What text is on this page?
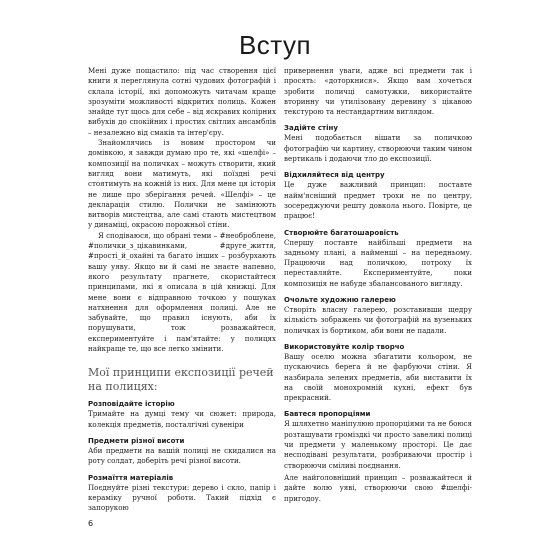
Вступ

Мені дуже пощастило: під час створення цієї книги я переглянула сотні чудових фотографій і склала історії, які допоможуть читачам краще зрозуміти можливості відкритих полиць. Кожен знайде тут щось для себе – від яскравих колірних вибухів до спокійних і простих світлих ансамблів – незалежно від смаків та інтер'єру.

Знайомлячись із новим простором чи домівкою, я завжди думаю про те, які «шелфі» – композиції на поличках – можуть створити, який вигляд вони матимуть, які поїздні речі стоятимуть на кожній із них. Для мене ця історія не лише про зберігання речей. «Шелфі» – це декларація стилю. Полички не замінюють витворів мистецтва, але самі стають мистецтвом у динаміці, окрасою порожньої стіни.

Я сподіваюся, що обрані теми – #необроблене, #полички_з_цікавинками, #друге_життя, #прості_й_охайні та багато інших – розбурхають вашу уяву. Якщо ви й самі не знаєте напевно, якого результату прагнете, скористайтеся принципами, які я описала в цій книжці. Для мене вони є відправною точкою у пошуках натхнення для оформлення полиці. Але не забувайте, що правил існують, аби їх порушувати, тож розважайтеся, експериментуйте і пам'ятайте: у полицях найкраще те, що все легко змінити.

Мої принципи експозиції речей на полицях:
Розповідайте історію

Тримайте на думці тему чи сюжет: природа, колекція предметів, посталгічні сувеніри

Предмети різної висоти

Аби предмети на вашій полиці не скидалися на роту солдат, доберіть речі різної висоти.

Розмаїття матеріалів

Поєднуйте різні текстури: дерево і скло, папір і кераміку ручної роботи. Такий підхід є запорукою

привернення уваги, адже всі предмети так і просять: «доторкнися». Якщо вам хочеться зробити поличці самотужки, використайте вторинну чи утилізовану деревину з цікавою текстурою та нестандартним виглядом.

Задійте стіну

Мені подобається вішати за поличкою фотографію чи картину, створюючи таким чином вертикаль і додаючи тло до експозиції.

Відхиляйтеся від центру

Це дуже важливий принцип: поставте найм'ясніший предмет трохи не по центру, зосереджуючи решту довкола нього. Повірте, це працює!

Створюйте багатошаровість

Спершу поставте найбільші предмети на задньому плані, а найменші – на передньому. Працюючи над поличкою, потроху їх переставляйте. Експериментуйте, поки композиція не набуде збалансованого вигляду.

Очольте художню галерею

Створіть власну галерею, розставивши щедру кількість зображень чи фотографій на вузеньких поличках із бортиком, аби вони не падали.

Використовуйте колір творчо

Вашу оселю можна збагатити кольором, не пускаючись берега й не фарбуючи стіни. Я назбирала зелених предметів, аби виставити їх на своїй монохромній кухні, ефект був прекрасний.

Бавтеся пропорціями

Я шляхетно маніпулюю пропорціями та не боюся розташувати громіздкі чи просто завеликі полиці чи предмети у маленькому просторі. Це дає несподівані результати, розбриваючи простір і створюючи сміливі поєднання.

Але найголовніший принцип – розважайтеся й дайте волю уяві, створюючи свою #шелфі-пригодоу.

6
